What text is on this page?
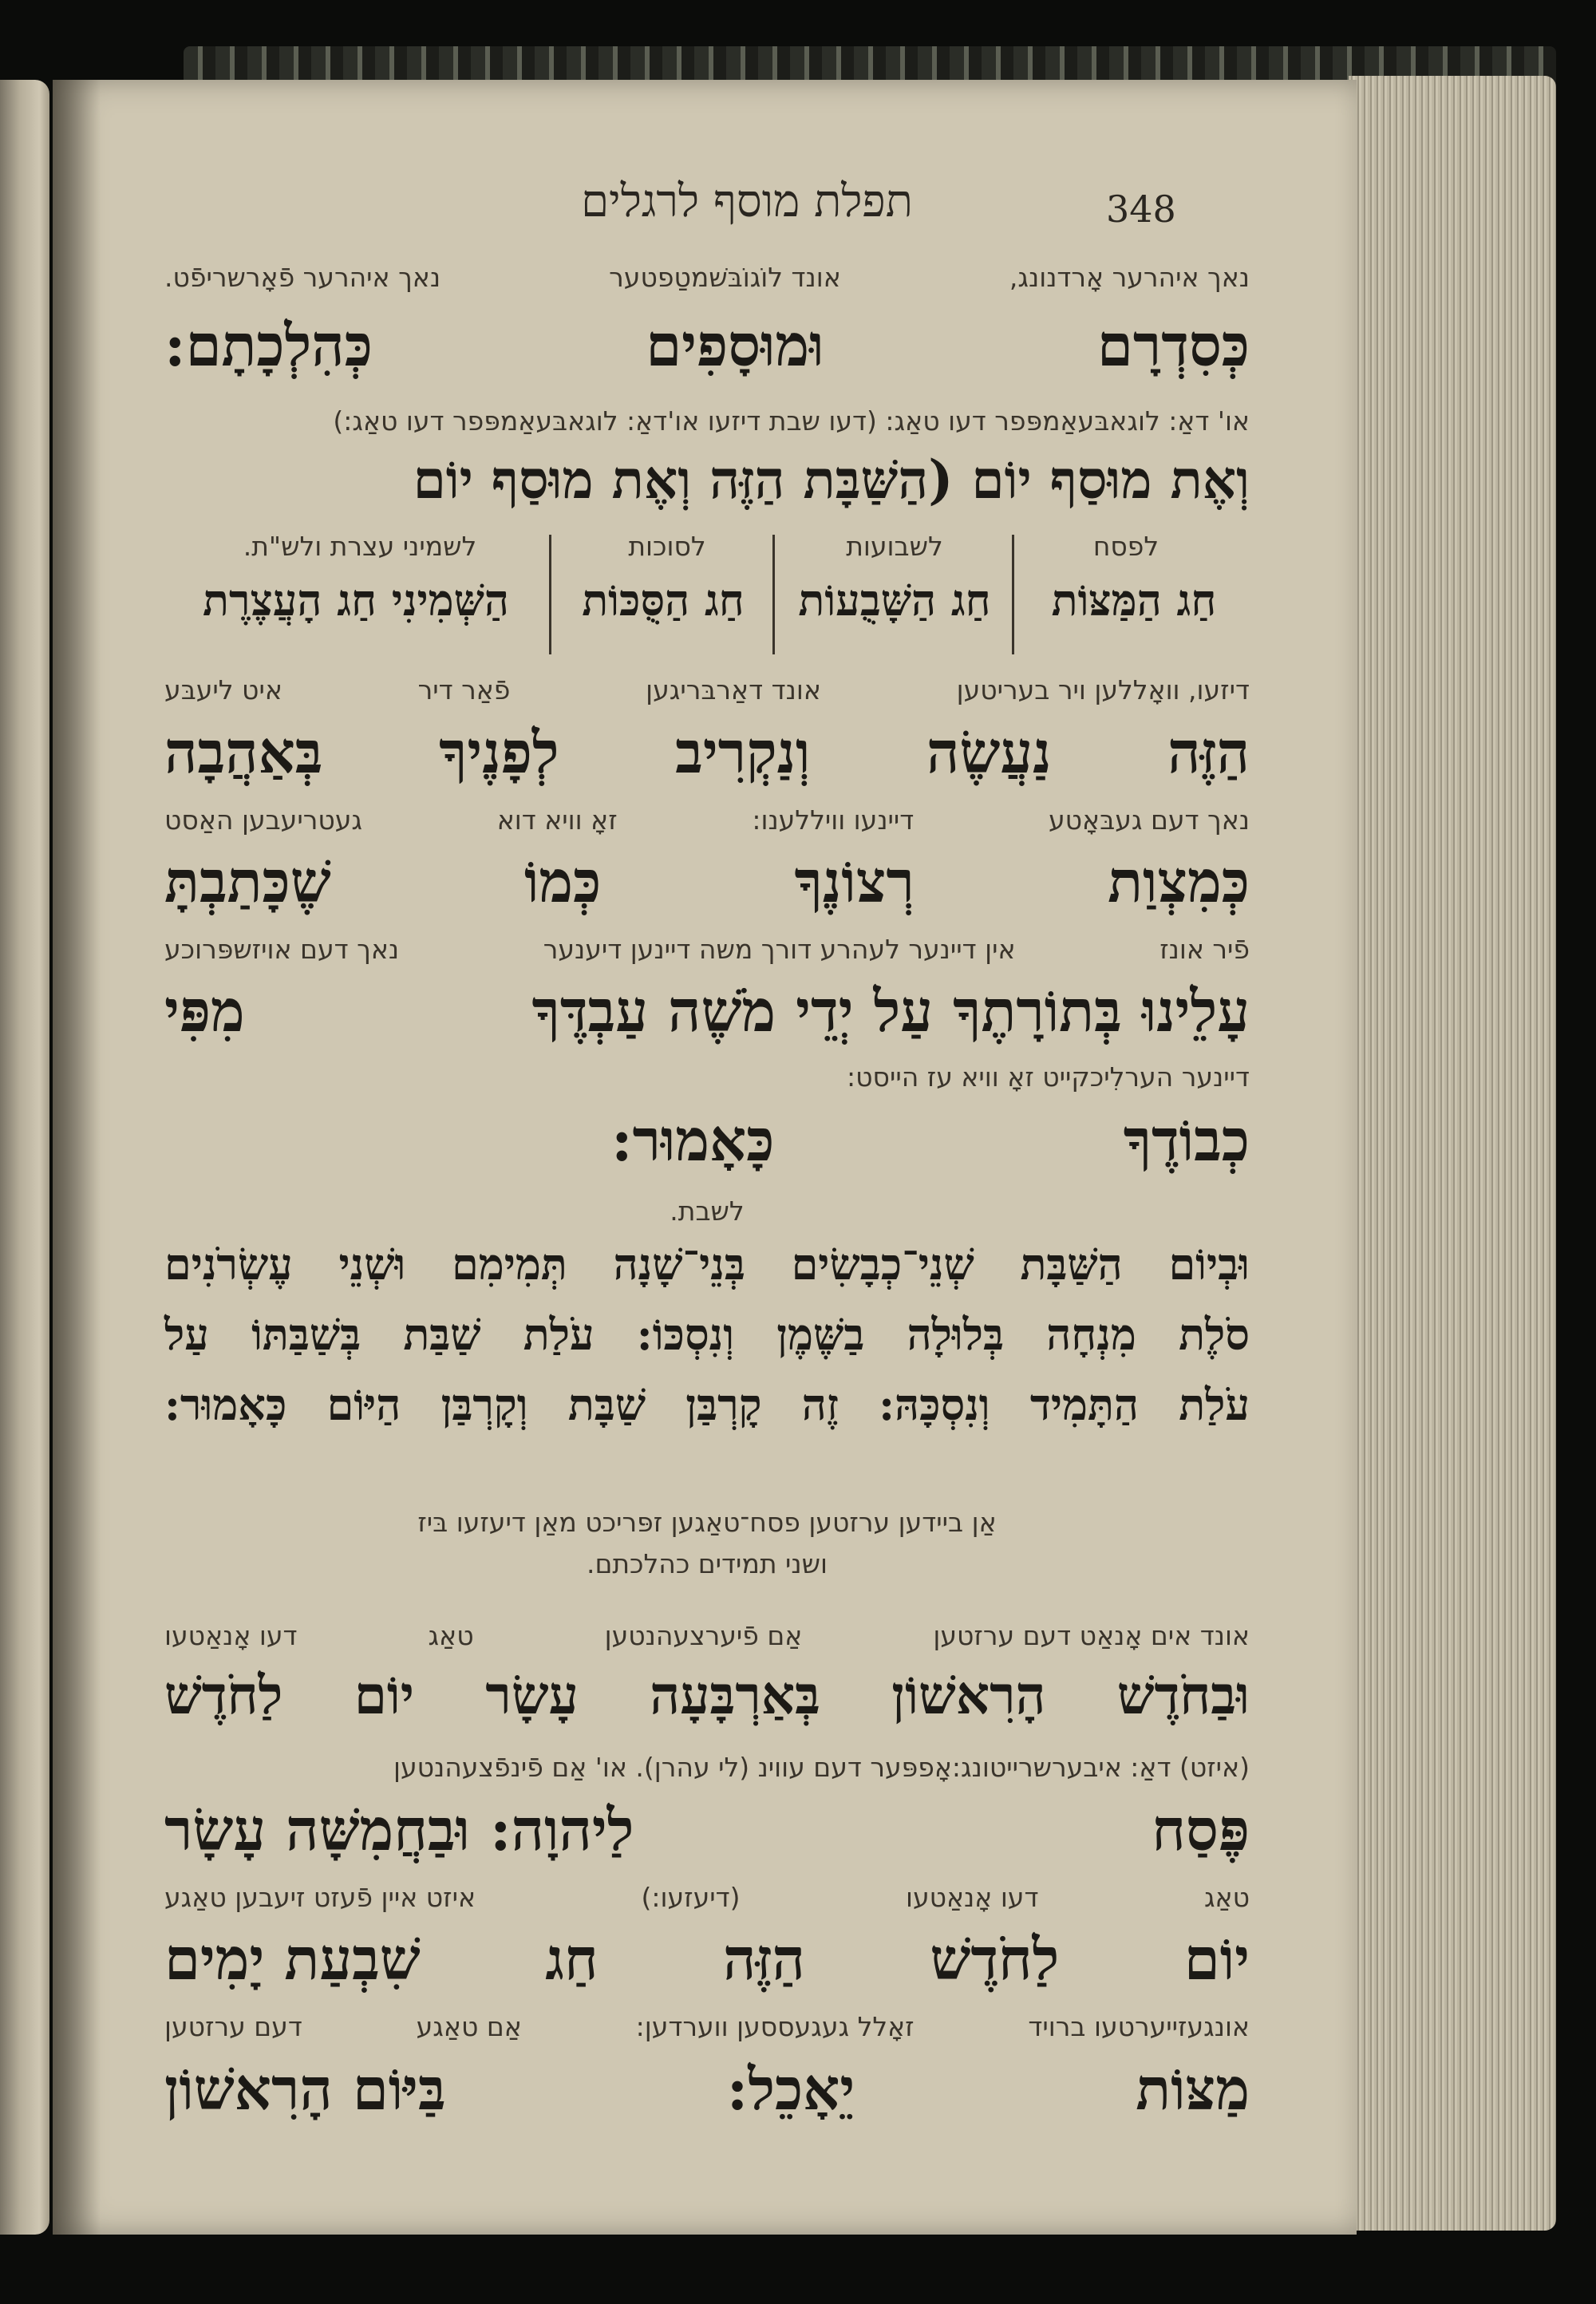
תפלת מוסף לרגלים	348
נאך איהרער אָרדנונג,
אונד לוֹגוֹבּשׁמטַפטער
נאך איהרער פֿאָרשריפֿט.
כְּסִדְרָם
וּמוּסָפִים
כְּהִלְכָתָם:
או' דאַ: לוגאבּעאַמפּפר דעו טאַג: (דעו שבת דיזעו או'דאַ: לוגאבּעאַמפּפר דעו טאַג:)
וְאֶת מוּסַף יוֹם (הַשַּׁבָּת הַזֶּה וְאֶת מוּסַף יוֹם
לפסח
לשבועות
לסוכות
לשמיני עצרת ולש"ת.
חַג הַמַּצּוֹת
חַג הַשָּׁבֻעוֹת
חַג הַסֻּכּוֹת
הַשְּׁמִינִי חַג הָעֲצֶרֶת
דיזעו, וואָללען ויר בעריטען
אונד דאַרבּריגען
פֿאַר דיר
איט ליעבּע
הַזֶּה
נַעֲשֶׂה
וְנַקְרִיב
לְפָנֶיךָ
בְּאַהֲבָה
נאך דעם געבּאָטע
דיינעו וויללענו:
זאָ וויא דוא
געטריעבען האַסט
כְּמִצְוַת
רְצוֹנֶךָ
כְּמוֹ
שֶׁכָּתַבְתָּ
פֿיר אונז
אין דיינער לעהרע דורך משה דיינען דיענער
נאך דעם אויזשפּרוכע
עָלֵינוּ בְּתוֹרָתֶךָ עַל יְדֵי מֹשֶׁה עַבְדֶּךָ
מִפִּי
דיינער הערלִיכקייט זאָ וויא עז הייסט:
כְבוֹדֶךָ
כָּאָמוּר:
לשבת.
וּבְיוֹם הַשַּׁבָּת שְׁנֵי־כְבָשִׂים בְּנֵי־שָׁנָה תְּמִימִם וּשְׁנֵי עֶשְׂרֹנִים
סֹלֶת מִנְחָה בְּלוּלָה בַשֶּׁמֶן וְנִסְכּוֹ: עֹלַת שַׁבַּת בְּשַׁבַּתּוֹ עַל
עֹלַת הַתָּמִיד וְנִסְכָּהּ: זֶה קָרְבַּן שַׁבָּת וְקָרְבַּן הַיּוֹם כָּאָמוּר:
אַן ביידען ערזטען פסח־טאַגען זפּריכט מאַן דיעזעו בּיז
ושני תמידים כהלכתם.
אונד אים אָנאַט דעם ערזטען
אַם פֿיערצעהנטען
טאַג
דעו אָנאַטעו
וּבַחֹדֶשׁ הָרִאשׁוֹן בְּאַרְבָּעָה עָשָׂר יוֹם לַחֹדֶשׁ
(איזט) דאַ: איבערשרייטונג:אָפפּער דעם עווינ (לי עהרן). או' אַם פֿינפֿצעהנטען
פֶּסַח
לַיהוָה: וּבַחֲמִשָּׁה עָשָׂר
טאַג
דעו אָנאַטעו
(דיעזעו:)
איזט איין פֿעזט זיעבען טאַגע
יוֹם
לַחֹדֶשׁ
הַזֶּה
חַג
שִׁבְעַת יָמִים
אונגעזייערטעו ברויד
זאָלל געגעססען ווערדען:
אַם טאַגע
דעם ערזטען
מַצּוֹת
יֵאָכֵל:
בַּיּוֹם הָרִאשׁוֹן
